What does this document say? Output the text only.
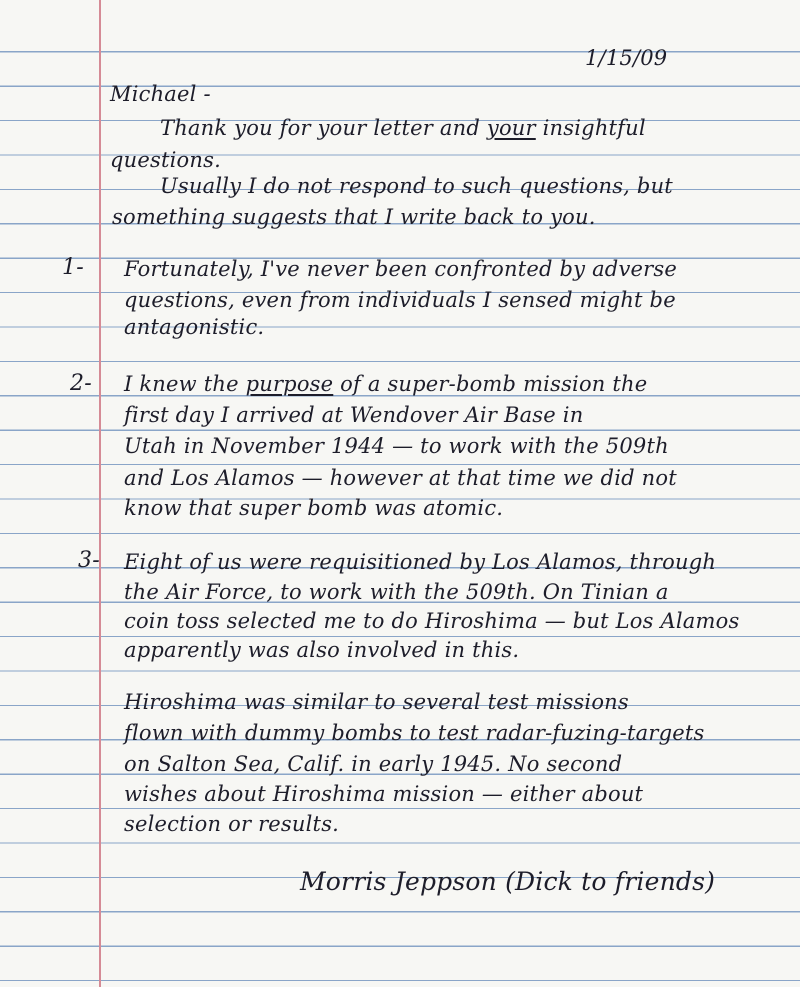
1/15/09
Michael -
Thank you for your letter and your insightful
questions.
Usually I do not respond to such questions, but
something suggests that I write back to you.
1- Fortunately, I've never been confronted by adverse
questions, even from individuals I sensed might be
antagonistic.
2- I knew the purpose of a super-bomb mission the
first day I arrived at Wendover Air Base in
Utah in November 1944 — to work with the 509th
and Los Alamos — however at that time we did not
know that super bomb was atomic.
3- Eight of us were requisitioned by Los Alamos, through
the Air Force, to work with the 509th. On Tinian a
coin toss selected me to do Hiroshima — but Los Alamos
apparently was also involved in this.
Hiroshima was similar to several test missions
flown with dummy bombs to test radar-fuzing-targets
on Salton Sea, Calif. in early 1945. No second
wishes about Hiroshima mission — either about
selection or results.
Morris Jeppson (Dick to friends)
